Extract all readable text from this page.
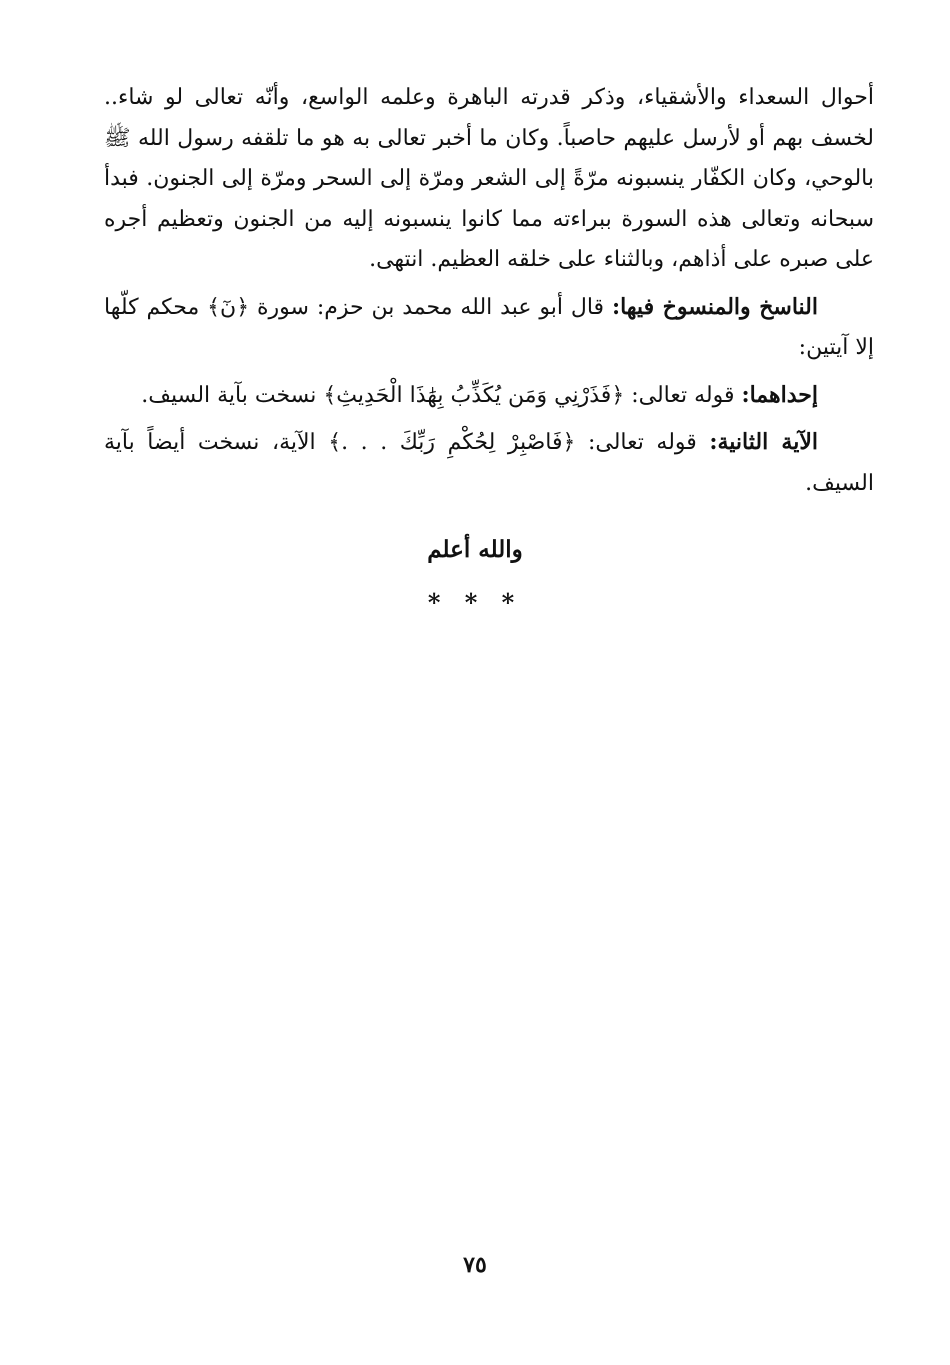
أحوال السعداء والأشقياء، وذكر قدرته الباهرة وعلمه الواسع، وأنّه تعالى لو شاء.. لخسف بهم أو لأرسل عليهم حاصباً. وكان ما أخبر تعالى به هو ما تلقفه رسول الله ﷺ بالوحي، وكان الكفّار ينسبونه مرّةً إلى الشعر ومرّة إلى السحر ومرّة إلى الجنون. فبدأ سبحانه وتعالى هذه السورة ببراءته مما كانوا ينسبونه إليه من الجنون وتعظيم أجره على صبره على أذاهم، وبالثناء على خلقه العظيم. انتهى.

الناسخ والمنسوخ فيها: قال أبو عبد الله محمد بن حزم: سورة ﴿نٓ﴾ محكم كلّها إلا آيتين:

إحداهما: قوله تعالى: ﴿فَذَرْنِي وَمَن يُكَذِّبُ بِهَٰذَا الْحَدِيثِ﴾ نسخت بآية السيف.

الآية الثانية: قوله تعالى: ﴿فَاصْبِرْ لِحُكْمِ رَبِّكَ . . .﴾ الآية، نسخت أيضاً بآية السيف.

والله أعلم
* * *
٧٥
